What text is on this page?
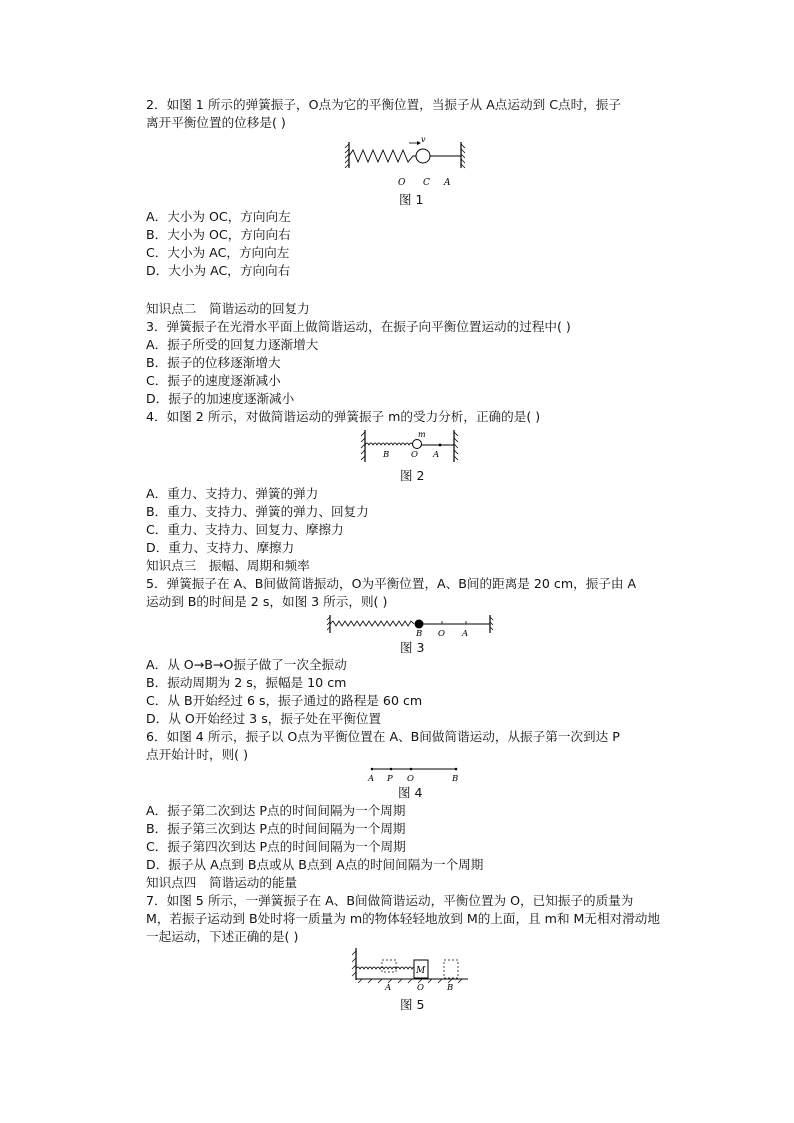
2．如图 1 所示的弹簧振子，O点为它的平衡位置，当振子从 A点运动到 C点时，振子
离开平衡位置的位移是( )
v
O C A
图 1
A．大小为 OC，方向向左
B．大小为 OC，方向向右
C．大小为 AC，方向向左
D．大小为 AC，方向向右
知识点二　简谐运动的回复力
3．弹簧振子在光滑水平面上做简谐运动，在振子向平衡位置运动的过程中( )
A．振子所受的回复力逐渐增大
B．振子的位移逐渐增大
C．振子的速度逐渐减小
D．振子的加速度逐渐减小
4．如图 2 所示，对做简谐运动的弹簧振子 m的受力分析，正确的是( )
m
B	O A
图 2
A．重力、支持力、弹簧的弹力
B．重力、支持力、弹簧的弹力、回复力
C．重力、支持力、回复力、摩擦力
D．重力、支持力、摩擦力
知识点三　振幅、周期和频率
5．弹簧振子在 A、B间做简谐振动，O为平衡位置，A、B间的距离是 20 cm，振子由 A
运动到 B的时间是 2 s，如图 3 所示，则( )
B O A
图 3
A．从 O→B→O振子做了一次全振动
B．振动周期为 2 s，振幅是 10 cm
C．从 B开始经过 6 s，振子通过的路程是 60 cm
D．从 O开始经过 3 s，振子处在平衡位置
6．如图 4 所示，振子以 O点为平衡位置在 A、B间做简谐运动，从振子第一次到达 P
点开始计时，则( )
A P O	B
图 4
A．振子第二次到达 P点的时间间隔为一个周期
B．振子第三次到达 P点的时间间隔为一个周期
C．振子第四次到达 P点的时间间隔为一个周期
D．振子从 A点到 B点或从 B点到 A点的时间间隔为一个周期
知识点四　简谐运动的能量
7．如图 5 所示，一弹簧振子在 A、B间做简谐运动，平衡位置为 O，已知振子的质量为
M，若振子运动到 B处时将一质量为 m的物体轻轻地放到 M的上面，且 m和 M无相对滑动地
一起运动，下述正确的是( )
M
A	O	B
图 5
